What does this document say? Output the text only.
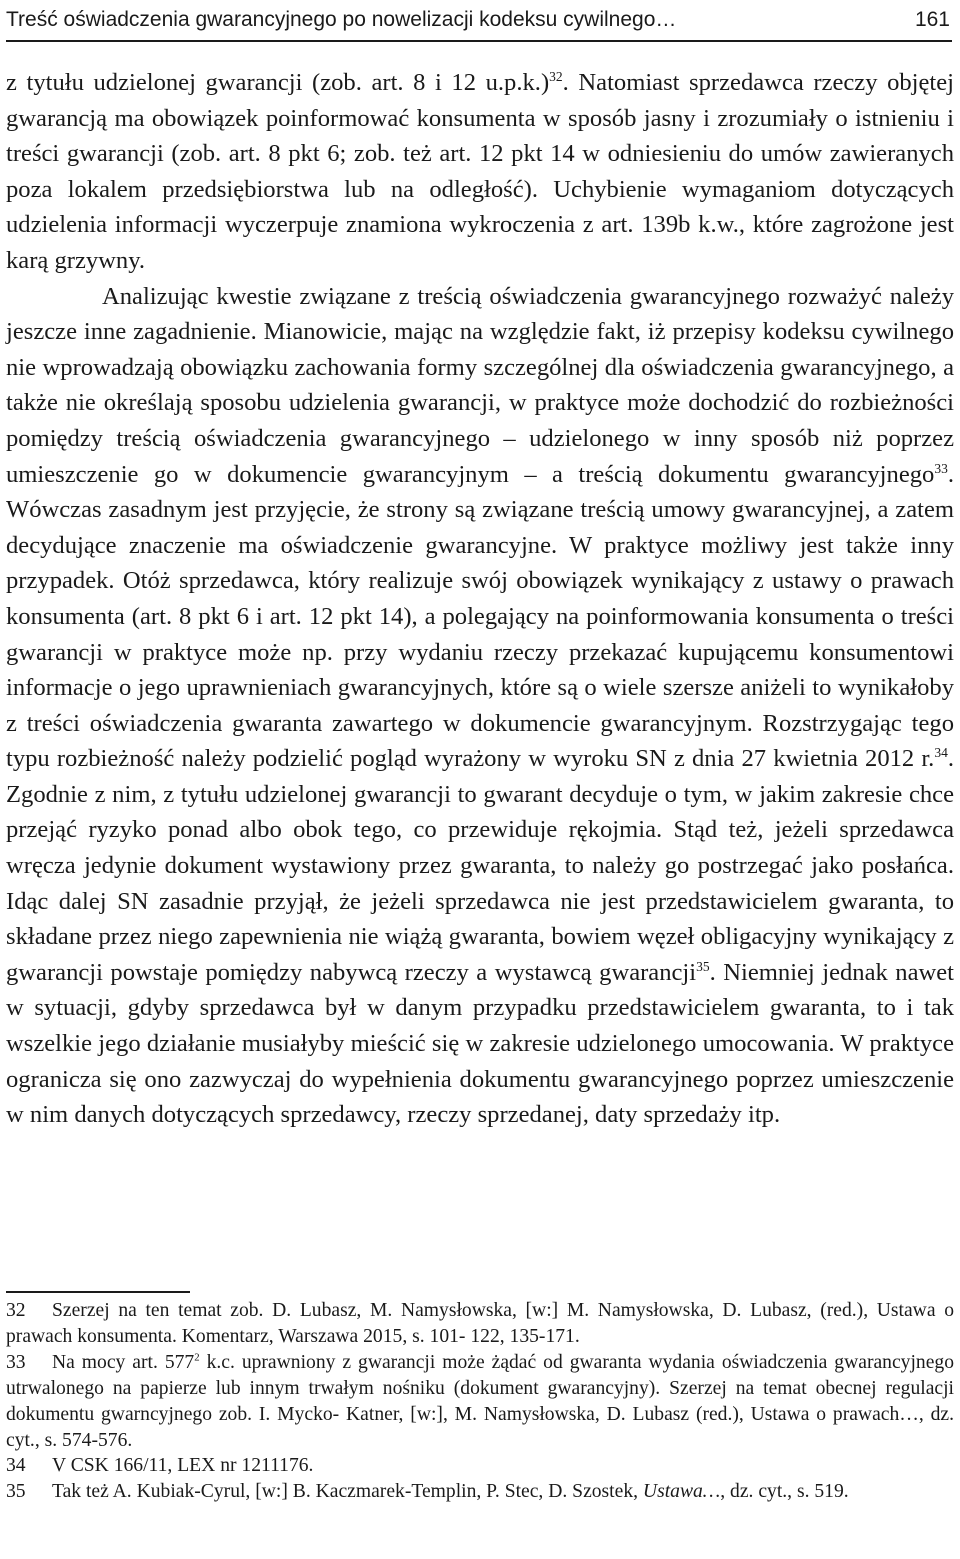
Treść oświadczenia gwarancyjnego po nowelizacji kodeksu cywilnego…	161

z tytułu udzielonej gwarancji (zob. art. 8 i 12 u.p.k.)$^{32}$. Natomiast sprzedawca rzeczy objętej gwarancją ma obowiązek poinformować konsumenta w sposób jasny i zrozumiały o istnieniu i treści gwarancji (zob. art. 8 pkt 6; zob. też art. 12 pkt 14 w odniesieniu do umów zawieranych poza lokalem przedsiębiorstwa lub na odległość). Uchybienie wymaganiom dotyczących udzielenia informacji wyczerpuje znamiona wykroczenia z art. 139b k.w., które zagrożone jest karą grzywny.

Analizując kwestie związane z treścią oświadczenia gwarancyjnego rozważyć należy jeszcze inne zagadnienie. Mianowicie, mając na względzie fakt, iż przepisy kodeksu cywilnego nie wprowadzają obowiązku zachowania formy szczególnej dla oświadczenia gwarancyjnego, a także nie określają sposobu udzielenia gwarancji, w praktyce może dochodzić do rozbieżności pomiędzy treścią oświadczenia gwarancyjnego – udzielonego w inny sposób niż poprzez umieszczenie go w dokumencie gwarancyjnym – a treścią dokumentu gwarancyjnego$^{33}$. Wówczas zasadnym jest przyjęcie, że strony są związane treścią umowy gwarancyjnej, a zatem decydujące znaczenie ma oświadczenie gwarancyjne. W praktyce możliwy jest także inny przypadek. Otóż sprzedawca, który realizuje swój obowiązek wynikający z ustawy o prawach konsumenta (art. 8 pkt 6 i art. 12 pkt 14), a polegający na poinformowania konsumenta o treści gwarancji w praktyce może np. przy wydaniu rzeczy przekazać kupującemu konsumentowi informacje o jego uprawnieniach gwarancyjnych, które są o wiele szersze aniżeli to wynikałoby z treści oświadczenia gwaranta zawartego w dokumencie gwarancyjnym. Rozstrzygając tego typu rozbieżność należy podzielić pogląd wyrażony w wyroku SN z dnia 27 kwietnia 2012 r.$^{34}$. Zgodnie z nim, z tytułu udzielonej gwarancji to gwarant decyduje o tym, w jakim zakresie chce przejąć ryzyko ponad albo obok tego, co przewiduje rękojmia. Stąd też, jeżeli sprzedawca wręcza jedynie dokument wystawiony przez gwaranta, to należy go postrzegać jako posłańca. Idąc dalej SN zasadnie przyjął, że jeżeli sprzedawca nie jest przedstawicielem gwaranta, to składane przez niego zapewnienia nie wiążą gwaranta, bowiem węzeł obligacyjny wynikający z gwarancji powstaje pomiędzy nabywcą rzeczy a wystawcą gwarancji$^{35}$. Niemniej jednak nawet w sytuacji, gdyby sprzedawca był w danym przypadku przedstawicielem gwaranta, to i tak wszelkie jego działanie musiałyby mieścić się w zakresie udzielonego umocowania. W praktyce ogranicza się ono zazwyczaj do wypełnienia dokumentu gwarancyjnego poprzez umieszczenie w nim danych dotyczących sprzedawcy, rzeczy sprzedanej, daty sprzedaży itp.

32 Szerzej na ten temat zob. D. Lubasz, M. Namysłowska, [w:] M. Namysłowska, D. Lubasz, (red.), Ustawa o prawach konsumenta. Komentarz, Warszawa 2015, s. 101- 122, 135-171.

33 Na mocy art. $577^2$ k.c. uprawniony z gwarancji może żądać od gwaranta wydania oświadczenia gwarancyjnego utrwalonego na papierze lub innym trwałym nośniku (dokument gwarancyjny). Szerzej na temat obecnej regulacji dokumentu gwarncyjnego zob. I. Mycko- Katner, [w:], M. Namysłowska, D. Lubasz (red.), Ustawa o prawach…, dz. cyt., s. 574-576.

34 V CSK 166/11, LEX nr 1211176.

35 Tak też A. Kubiak-Cyrul, [w:] B. Kaczmarek-Templin, P. Stec, D. Szostek, Ustawa…, dz. cyt., s. 519.
